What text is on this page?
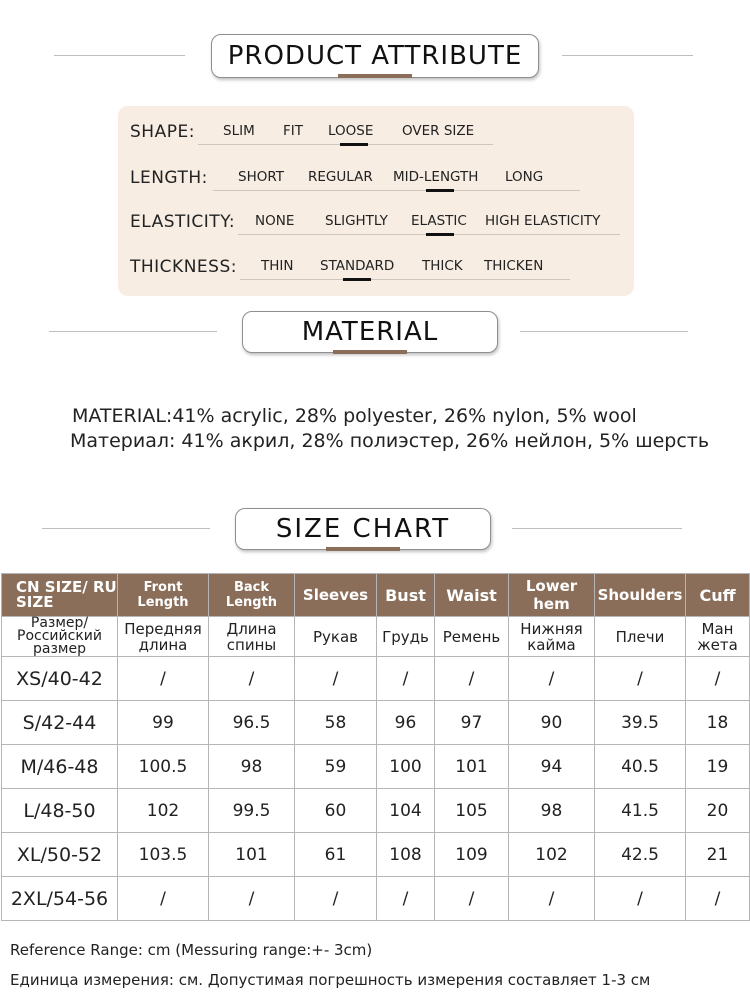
PRODUCT ATTRIBUTE
SHAPE: SLIM FIT LOOSE OVER SIZE
LENGTH: SHORT REGULAR MID-LENGTH LONG
ELASTICITY: NONE SLIGHTLY ELASTIC HIGH ELASTICITY
THICKNESS: THIN STANDARD THICK THICKEN
MATERIAL
MATERIAL:41% acrylic, 28% polyester, 26% nylon, 5% wool
Материал: 41% акрил, 28% полиэстер, 26% нейлон, 5% шерсть
SIZE CHART
CN SIZE/ RU SIZE	Front Length	Back Length	Sleeves	Bust	Waist	Lower hem	Shoulders	Cuff
Размер/ Российский размер	Передняя длина	Длина спины	Рукав	Грудь	Ремень	Нижняя кайма	Плечи	Ман жета
XS/40-42	/	/	/	/	/	/	/	/
S/42-44	99	96.5	58	96	97	90	39.5	18
M/46-48	100.5	98	59	100	101	94	40.5	19
L/48-50	102	99.5	60	104	105	98	41.5	20
XL/50-52	103.5	101	61	108	109	102	42.5	21
2XL/54-56	/	/	/	/	/	/	/	/
Reference Range: cm (Messuring range:+- 3cm)
Единица измерения: см. Допустимая погрешность измерения составляет 1-3 см
